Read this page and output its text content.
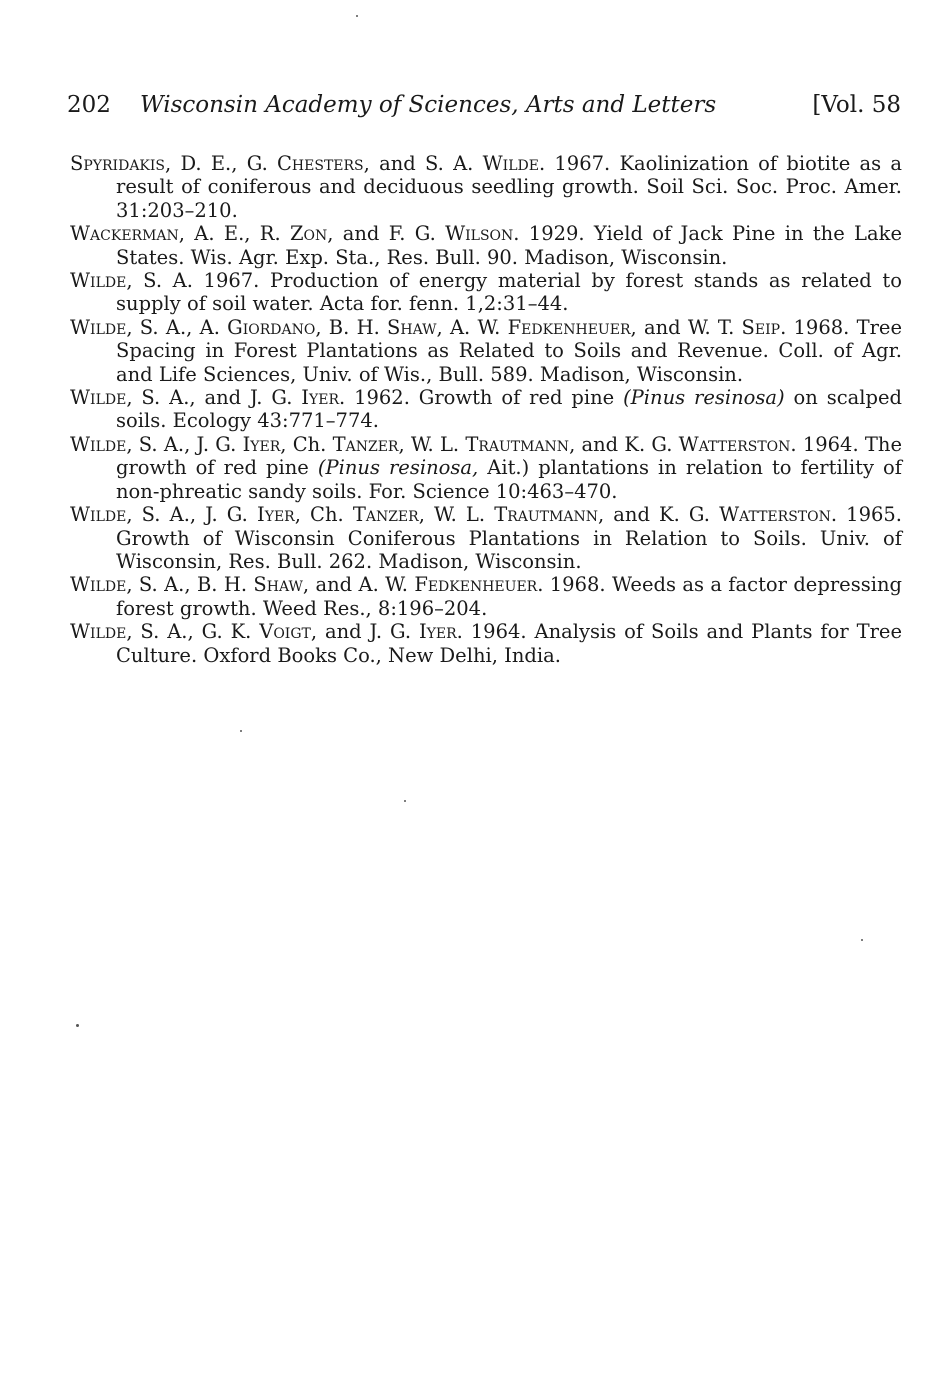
202 Wisconsin Academy of Sciences, Arts and Letters	[Vol. 58
Spyridakis, D. E., G. Chesters, and S. A. Wilde. 1967. Kaolinization of biotite as a result of coniferous and deciduous seedling growth. Soil Sci. Soc. Proc. Amer. 31:203–210.
Wackerman, A. E., R. Zon, and F. G. Wilson. 1929. Yield of Jack Pine in the Lake States. Wis. Agr. Exp. Sta., Res. Bull. 90. Madison, Wisconsin.
Wilde, S. A. 1967. Production of energy material by forest stands as related to supply of soil water. Acta for. fenn. 1,2:31–44.
Wilde, S. A., A. Giordano, B. H. Shaw, A. W. Fedkenheuer, and W. T. Seip. 1968. Tree Spacing in Forest Plantations as Related to Soils and Revenue. Coll. of Agr. and Life Sciences, Univ. of Wis., Bull. 589. Madison, Wisconsin.
Wilde, S. A., and J. G. Iyer. 1962. Growth of red pine (Pinus resinosa) on scalped soils. Ecology 43:771–774.
Wilde, S. A., J. G. Iyer, Ch. Tanzer, W. L. Trautmann, and K. G. Watterston. 1964. The growth of red pine (Pinus resinosa, Ait.) plantations in relation to fertility of non-phreatic sandy soils. For. Science 10:463–470.
Wilde, S. A., J. G. Iyer, Ch. Tanzer, W. L. Trautmann, and K. G. Watterston. 1965. Growth of Wisconsin Coniferous Plantations in Relation to Soils. Univ. of Wisconsin, Res. Bull. 262. Madison, Wisconsin.
Wilde, S. A., B. H. Shaw, and A. W. Fedkenheuer. 1968. Weeds as a factor depressing forest growth. Weed Res., 8:196–204.
Wilde, S. A., G. K. Voigt, and J. G. Iyer. 1964. Analysis of Soils and Plants for Tree Culture. Oxford Books Co., New Delhi, India.
